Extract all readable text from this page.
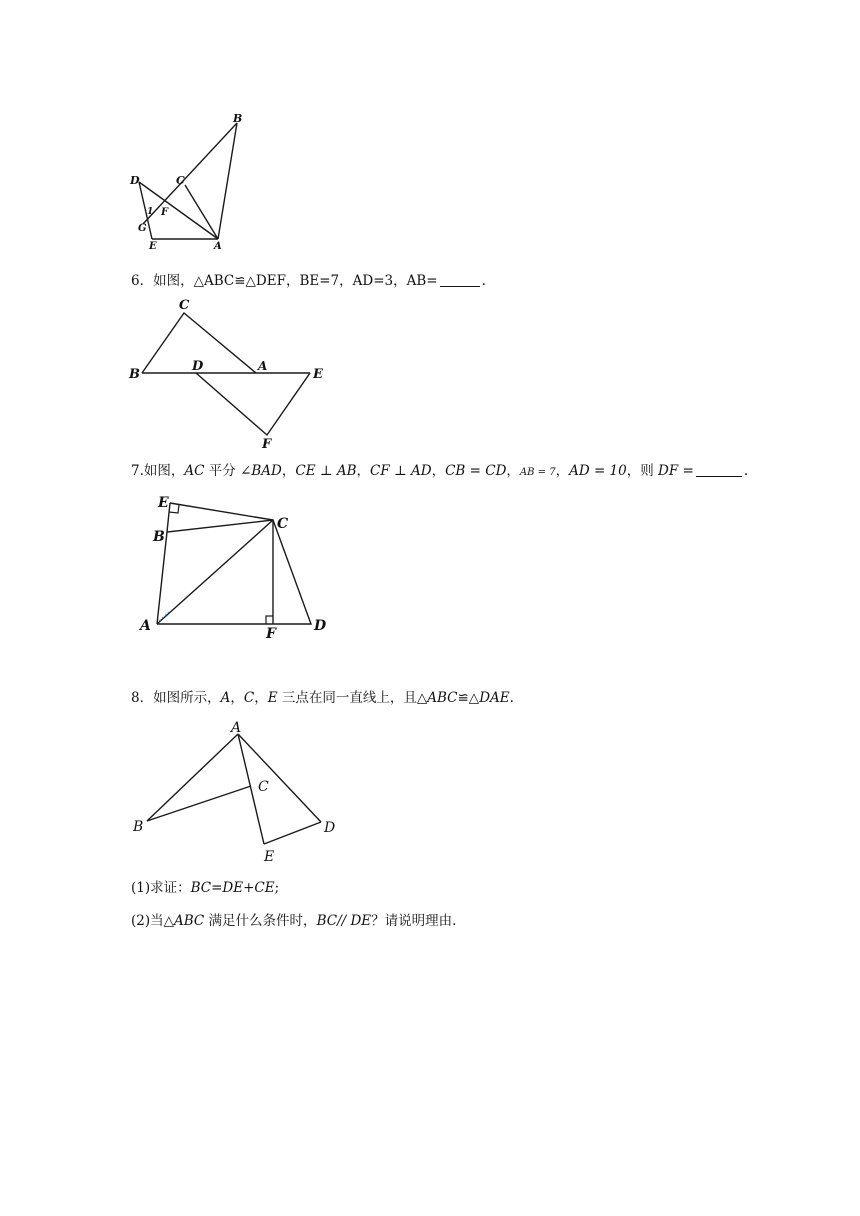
B
C
D
1 F
G
E	A
6．如图，△ABC≌△DEF，BE=7，AD=3，AB=	.
C
B
D	A
E
F
7.如图，AC 平分 ∠BAD，CE ⊥ AB，CF ⊥ AD，CB = CD，AB = 7，AD = 10，则 DF =	.
E
B
C
A	F	D
8．如图所示，A，C，E 三点在同一直线上，且△ABC≌△DAE.
A
C
B	D
E
(1)求证：BC=DE+CE;
(2)当△ABC 满足什么条件时，BC// DE？请说明理由.
